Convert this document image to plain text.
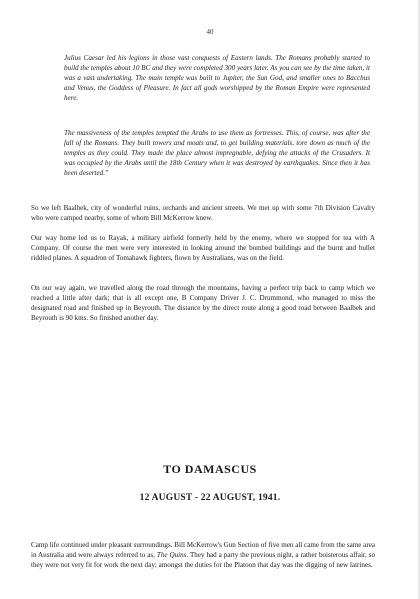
40

Julius Caesar led his legions in those vast conquests of Eastern lands. The Romans probably started to build the temples about 10 BC and they were completed 300 years later. As you can see by the time taken, it was a vast undertaking. The main temple was built to Jupiter, the Sun God, and smaller ones to Bacchus and Venus, the Goddess of Pleasure. In fact all gods worshipped by the Roman Empire were represented here.

The massiveness of the temples tempted the Arabs to use them as fortresses. This, of course, was after the fall of the Romans. They built towers and moats and, to get building materials, tore down as much of the temples as they could. They made the place almost impregnable, defying the attacks of the Crusaders. It was occupied by the Arabs until the 18th Century when it was destroyed by earthquakes. Since then it has been deserted."

So we left Baalbek, city of wonderful ruins, orchards and ancient streets. We met up with some 7th Division Cavalry who were camped nearby, some of whom Bill McKerrow knew.

Our way home led us to Rayak, a military airfield formerly held by the enemy, where we stopped for tea with A Company. Of course the men were very interested in looking around the bombed buildings and the burnt and bullet riddled planes. A squadron of Tomahawk fighters, flown by Australians, was on the field.

On our way again, we travelled along the road through the mountains, having a perfect trip back to camp which we reached a little after dark; that is all except one, B Company Driver J. C. Drummond, who managed to miss the designated road and finished up in Beyrouth. The distance by the direct route along a good road between Baalbek and Beyrouth is 90 kms. So finished another day.

TO DAMASCUS
12 AUGUST - 22 AUGUST, 1941.

Camp life continued under pleasant surroundings. Bill McKerrow's Gun Section of five men all came from the same area in Australia and were always referred to as, The Quins. They had a party the previous night, a rather boisterous affair, so they were not very fit for work the next day; amongst the duties for the Platoon that day was the digging of new latrines.
